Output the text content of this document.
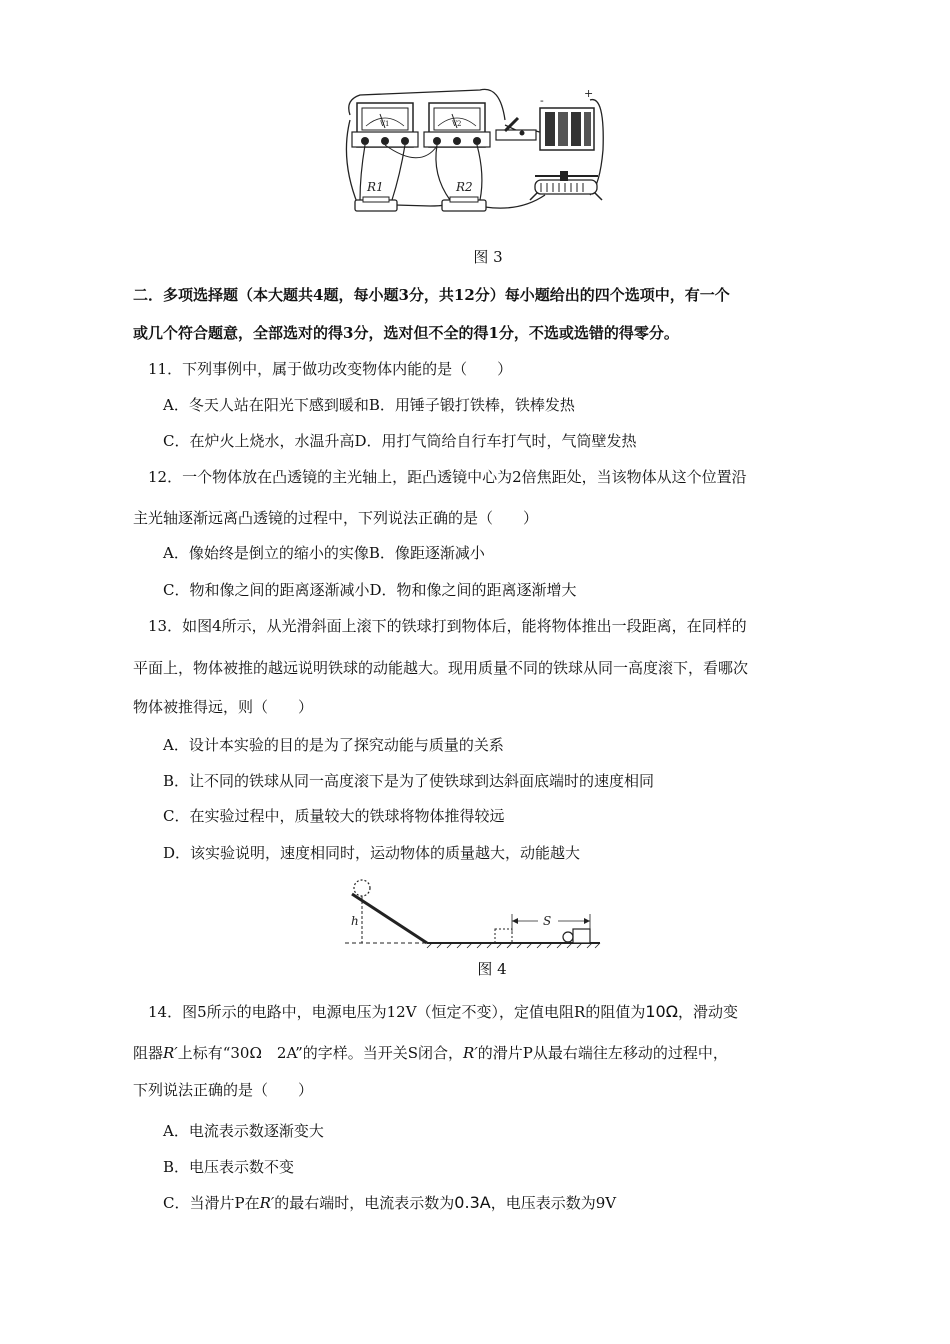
V1	V2
R1	R2
-
+
图 3
二．多项选择题（本大题共4题，每小题3分，共12分）每小题给出的四个选项中，有一个
或几个符合题意，全部选对的得3分，选对但不全的得1分，不选或选错的得零分。
11．下列事例中，属于做功改变物体内能的是（　　）
A．冬天人站在阳光下感到暖和B．用锤子锻打铁棒，铁棒发热
C．在炉火上烧水，水温升高D．用打气筒给自行车打气时，气筒壁发热
12．一个物体放在凸透镜的主光轴上，距凸透镜中心为2倍焦距处，当该物体从这个位置沿
主光轴逐渐远离凸透镜的过程中，下列说法正确的是（　　）
A．像始终是倒立的缩小的实像B．像距逐渐减小
C．物和像之间的距离逐渐减小D．物和像之间的距离逐渐增大
13．如图4所示，从光滑斜面上滚下的铁球打到物体后，能将物体推出一段距离，在同样的
平面上，物体被推的越远说明铁球的动能越大。现用质量不同的铁球从同一高度滚下，看哪次
物体被推得远，则（　　）
A．设计本实验的目的是为了探究动能与质量的关系
B．让不同的铁球从同一高度滚下是为了使铁球到达斜面底端时的速度相同
C．在实验过程中，质量较大的铁球将物体推得较远
D．该实验说明，速度相同时，运动物体的质量越大，动能越大
h	S
图 4
14．图5所示的电路中，电源电压为12V（恒定不变），定值电阻R的阻值为10Ω，滑动变
阻器R′上标有“30Ω　2A”的字样。当开关S闭合，R′的滑片P从最右端往左移动的过程中，
下列说法正确的是（　　）
A．电流表示数逐渐变大
B．电压表示数不变
C．当滑片P在R′的最右端时，电流表示数为0.3A，电压表示数为9V
